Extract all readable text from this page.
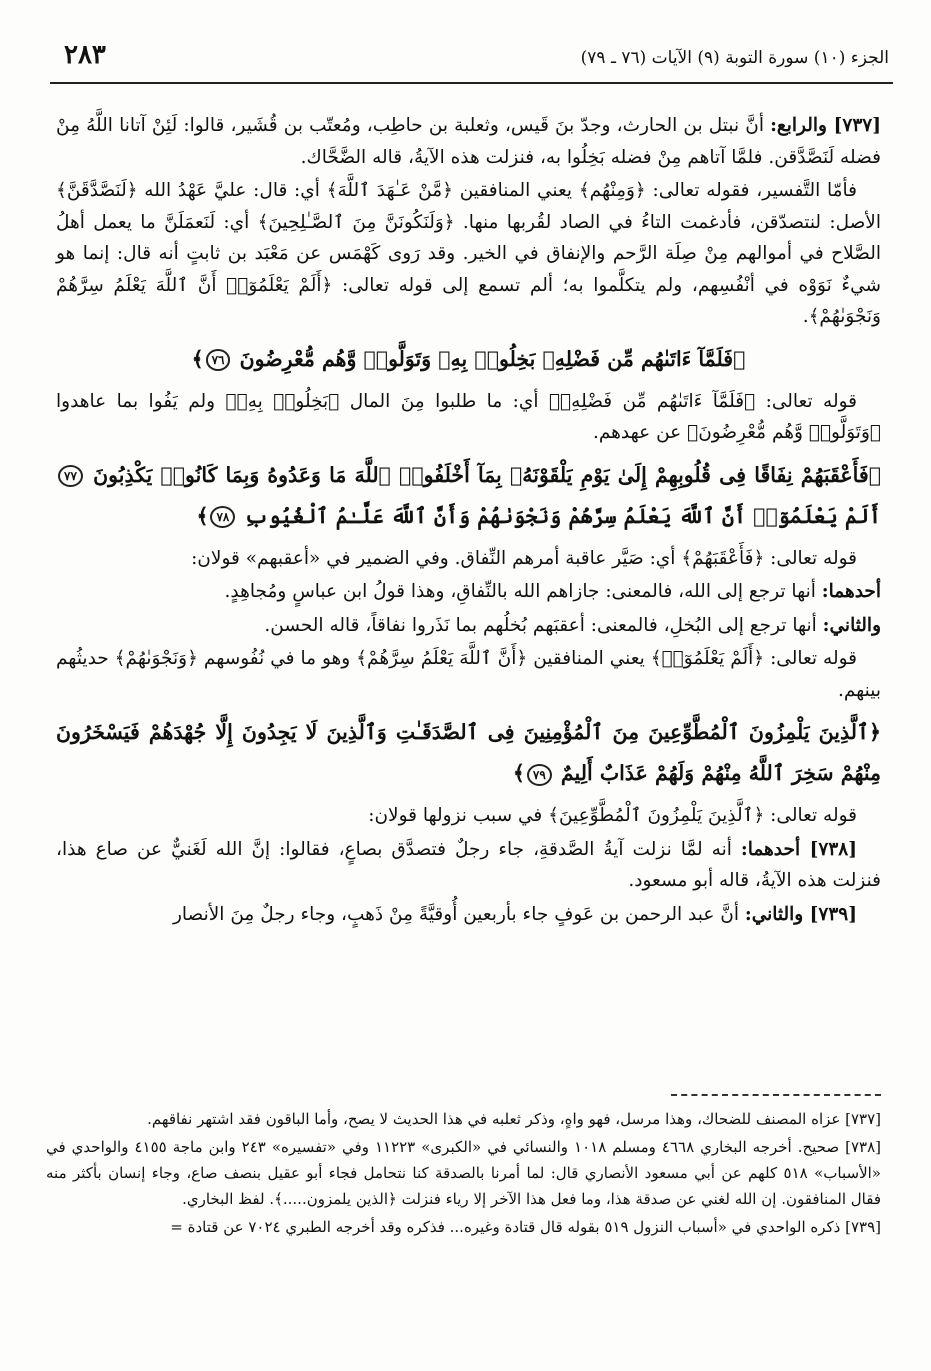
الجزء (١٠) سورة التوبة (٩) الآيات (٧٦ ـ ٧٩)
٢٨٣

[٧٣٧] والرابع: أنَّ نبتل بن الحارث، وجدّ بنَ قَيس، وثعلبة بن حاطِب، ومُعتّب بن قُشَير، قالوا: لَئِنْ آتانا اللَّهُ مِنْ فضله لَنَصَّدَّقن. فلمَّا آتاهم مِنْ فضله بَخِلُوا به، فنزلت هذه الآيةُ، قاله الضَّحَّاك.

فأمّا التَّفسير، فقوله تعالى: ﴿وَمِنْهُم﴾ يعني المنافقين ﴿مَّنْ عَـٰهَدَ ٱللَّهَ﴾ أي: قال: عليَّ عَهْدُ الله ﴿لَنَصَّدَّقَنَّ﴾ الأصل: لنتصدّقن، فأدغمت التاءُ في الصاد لقُربها منها. ﴿وَلَنَكُونَنَّ مِنَ ٱلصَّـٰلِحِينَ﴾ أي: لَنَعمَلَنَّ ما يعمل أهلُ الصَّلاح في أموالهم مِنْ صِلَة الرَّحم والإنفاق في الخير. وقد رَوى كَهْمَس عن مَعْبَد بن ثابتٍ أنه قال: إنما هو شيءٌ نَوَوْه في أنْفُسِهم، ولم يتكلَّموا به؛ ألم تسمع إلى قوله تعالى: ﴿أَلَمْ يَعْلَمُوٓا۟ أَنَّ ٱللَّهَ يَعْلَمُ سِرَّهُمْ وَنَجْوَىٰهُمْ﴾.

﴿فَلَمَّآ ءَاتَىٰهُم مِّن فَضْلِهِۦ بَخِلُوا۟ بِهِۦ وَتَوَلَّوا۟ وَّهُم مُّعْرِضُونَ ٧٦﴾

قوله تعالى: ﴿فَلَمَّآ ءَاتَىٰهُم مِّن فَضْلِهِۦ﴾ أي: ما طلبوا مِنَ المال ﴿بَخِلُوا۟ بِهِۦ﴾ ولم يَفُوا بما عاهدوا ﴿وَتَوَلَّوا۟ وَّهُم مُّعْرِضُونَ﴾ عن عهدهم.

﴿فَأَعْقَبَهُمْ نِفَاقًا فِى قُلُوبِهِمْ إِلَىٰ يَوْمِ يَلْقَوْنَهُۥ بِمَآ أَخْلَفُوا۟ ٱللَّهَ مَا وَعَدُوهُ وَبِمَا كَانُوا۟ يَكْذِبُونَ ٧٧ أَلَمْ يَعْلَمُوٓا۟ أَنَّ ٱللَّهَ يَعْلَمُ سِرَّهُمْ وَنَجْوَىٰهُمْ وَأَنَّ ٱللَّهَ عَلَّـٰمُ ٱلْغُيُوبِ ٧٨﴾

قوله تعالى: ﴿فَأَعْقَبَهُمْ﴾ أي: صَيَّر عاقبة أمرهم النِّفاق. وفي الضمير في «أعقبهم» قولان:

أحدهما: أنها ترجع إلى الله، فالمعنى: جازاهم الله بالنِّفاقِ، وهذا قولُ ابن عباسٍ ومُجاهِدٍ.

والثاني: أنها ترجع إلى البُخلِ، فالمعنى: أعقبَهم بُخلُهم بما نَذَروا نفاقاً، قاله الحسن.

قوله تعالى: ﴿أَلَمْ يَعْلَمُوٓا۟﴾ يعني المنافقين ﴿أَنَّ ٱللَّهَ يَعْلَمُ سِرَّهُمْ﴾ وهو ما في نُفُوسهم ﴿وَنَجْوَىٰهُمْ﴾ حديثُهم بينهم.

﴿ٱلَّذِينَ يَلْمِزُونَ ٱلْمُطَّوِّعِينَ مِنَ ٱلْمُؤْمِنِينَ فِى ٱلصَّدَقَـٰتِ وَٱلَّذِينَ لَا يَجِدُونَ إِلَّا جُهْدَهُمْ فَيَسْخَرُونَ مِنْهُمْ سَخِرَ ٱللَّهُ مِنْهُمْ وَلَهُمْ عَذَابٌ أَلِيمٌ ٧٩﴾

قوله تعالى: ﴿ٱلَّذِينَ يَلْمِزُونَ ٱلْمُطَّوِّعِينَ﴾ في سبب نزولها قولان:

[٧٣٨] أحدهما: أنه لمَّا نزلت آيةُ الصَّدقةِ، جاء رجلٌ فتصدَّق بصاعٍ، فقالوا: إنَّ الله لَغَنيٌّ عن صاع هذا، فنزلت هذه الآيةُ، قاله أبو مسعود.

[٧٣٩] والثاني: أنَّ عبد الرحمن بن عَوفٍ جاء بأربعين أُوقيَّةً مِنْ ذَهبٍ، وجاء رجلٌ مِنَ الأنصار

[٧٣٧] عزاه المصنف للضحاك، وهذا مرسل، فهو واهٍ، وذكر ثعلبه في هذا الحديث لا يصح، وأما الباقون فقد اشتهر نفاقهم.

[٧٣٨] صحيح. أخرجه البخاري ٤٦٦٨ ومسلم ١٠١٨ والنسائي في «الكبرى» ١١٢٢٣ وفي «تفسيره» ٢٤٣ وابن ماجة ٤١٥٥ والواحدي في «الأسباب» ٥١٨ كلهم عن أبي مسعود الأنصاري قال: لما أمرنا بالصدقة كنا نتحامل فجاء أبو عقيل بنصف صاع، وجاء إنسان بأكثر منه فقال المنافقون. إن الله لغني عن صدقة هذا، وما فعل هذا الآخر إلا رياء فنزلت ﴿الذين يلمزون.....﴾. لفظ البخاري.

[٧٣٩] ذكره الواحدي في «أسباب النزول ٥١٩ بقوله قال قتادة وغيره... فذكره وقد أخرجه الطبري ٧٠٢٤ عن قتادة =
